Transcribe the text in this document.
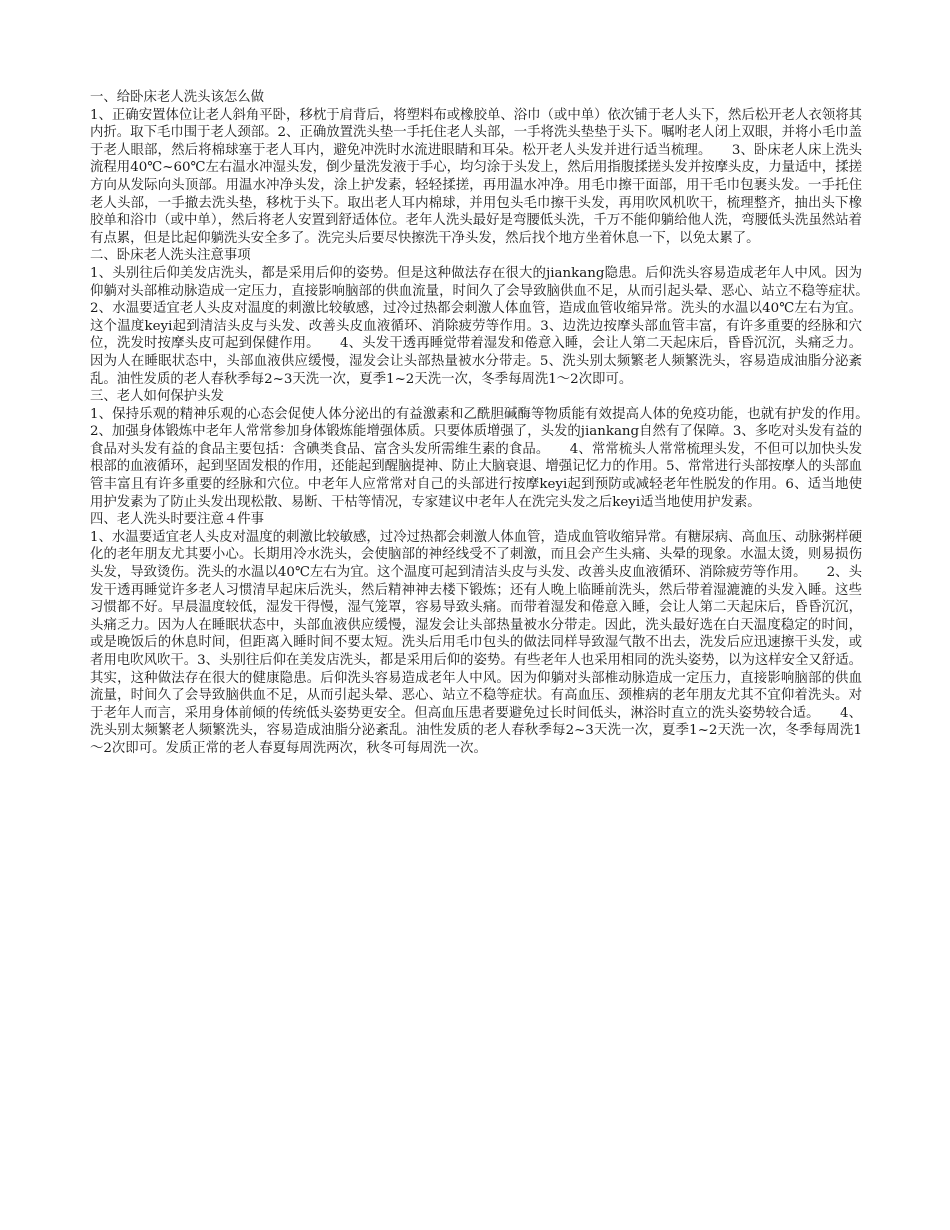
一、给卧床老人洗头该怎么做

1、正确安置体位让老人斜角平卧，移枕于肩背后，将塑料布或橡胶单、浴巾（或中单）依次铺于老人头下，然后松开老人衣领将其内折。取下毛巾围于老人颈部。2、正确放置洗头垫一手托住老人头部，一手将洗头垫垫于头下。嘱咐老人闭上双眼，并将小毛巾盖于老人眼部，然后将棉球塞于老人耳内，避免冲洗时水流进眼睛和耳朵。松开老人头发并进行适当梳理。　　3、卧床老人床上洗头流程用40℃~60℃左右温水冲湿头发，倒少量洗发液于手心，均匀涂于头发上，然后用指腹揉搓头发并按摩头皮，力量适中，揉搓方向从发际向头顶部。用温水冲净头发，涂上护发素，轻轻揉搓，再用温水冲净。用毛巾擦干面部，用干毛巾包裹头发。一手托住老人头部，一手撤去洗头垫，移枕于头下。取出老人耳内棉球，并用包头毛巾擦干头发，再用吹风机吹干，梳理整齐，抽出头下橡胶单和浴巾（或中单），然后将老人安置到舒适体位。老年人洗头最好是弯腰低头洗，千万不能仰躺给他人洗，弯腰低头洗虽然站着有点累，但是比起仰躺洗头安全多了。洗完头后要尽快擦洗干净头发，然后找个地方坐着休息一下，以免太累了。

二、卧床老人洗头注意事项

1、头别往后仰美发店洗头，都是采用后仰的姿势。但是这种做法存在很大的jiankang隐患。后仰洗头容易造成老年人中风。因为仰躺对头部椎动脉造成一定压力，直接影响脑部的供血流量，时间久了会导致脑供血不足，从而引起头晕、恶心、站立不稳等症状。　　2、水温要适宜老人头皮对温度的刺激比较敏感，过冷过热都会刺激人体血管，造成血管收缩异常。洗头的水温以40℃左右为宜。这个温度keyi起到清洁头皮与头发、改善头皮血液循环、消除疲劳等作用。3、边洗边按摩头部血管丰富，有许多重要的经脉和穴位，洗发时按摩头皮可起到保健作用。　　4、头发干透再睡觉带着湿发和倦意入睡，会让人第二天起床后，昏昏沉沉，头痛乏力。因为人在睡眠状态中，头部血液供应缓慢，湿发会让头部热量被水分带走。5、洗头别太频繁老人频繁洗头，容易造成油脂分泌紊乱。油性发质的老人春秋季每2~3天洗一次，夏季1~2天洗一次，冬季每周洗1～2次即可。

三、老人如何保护头发

1、保持乐观的精神乐观的心态会促使人体分泌出的有益激素和乙酰胆碱酶等物质能有效提高人体的免疫功能，也就有护发的作用。　　2、加强身体锻炼中老年人常常参加身体锻炼能增强体质。只要体质增强了，头发的jiankang自然有了保障。3、多吃对头发有益的食品对头发有益的食品主要包括：含碘类食品、富含头发所需维生素的食品。　　4、常常梳头人常常梳理头发，不但可以加快头发根部的血液循环，起到坚固发根的作用，还能起到醒脑提神、防止大脑衰退、增强记忆力的作用。5、常常进行头部按摩人的头部血管丰富且有许多重要的经脉和穴位。中老年人应常常对自己的头部进行按摩keyi起到预防或减轻老年性脱发的作用。6、适当地使用护发素为了防止头发出现松散、易断、干枯等情况，专家建议中老年人在洗完头发之后keyi适当地使用护发素。

四、老人洗头时要注意４件事

1、水温要适宜老人头皮对温度的刺激比较敏感，过冷过热都会刺激人体血管，造成血管收缩异常。有糖尿病、高血压、动脉粥样硬化的老年朋友尤其要小心。长期用冷水洗头，会使脑部的神经线受不了刺激，而且会产生头痛、头晕的现象。水温太烫，则易损伤头发，导致烫伤。洗头的水温以40℃左右为宜。这个温度可起到清洁头皮与头发、改善头皮血液循环、消除疲劳等作用。　　2、头发干透再睡觉许多老人习惯清早起床后洗头，然后精神神去楼下锻炼；还有人晚上临睡前洗头，然后带着湿漉漉的头发入睡。这些习惯都不好。早晨温度较低，湿发干得慢，湿气笼罩，容易导致头痛。而带着湿发和倦意入睡，会让人第二天起床后，昏昏沉沉，头痛乏力。因为人在睡眠状态中，头部血液供应缓慢，湿发会让头部热量被水分带走。因此，洗头最好选在白天温度稳定的时间，或是晚饭后的休息时间，但距离入睡时间不要太短。洗头后用毛巾包头的做法同样导致湿气散不出去，洗发后应迅速擦干头发，或者用电吹风吹干。3、头别往后仰在美发店洗头，都是采用后仰的姿势。有些老年人也采用相同的洗头姿势，以为这样安全又舒适。其实，这种做法存在很大的健康隐患。后仰洗头容易造成老年人中风。因为仰躺对头部椎动脉造成一定压力，直接影响脑部的供血流量，时间久了会导致脑供血不足，从而引起头晕、恶心、站立不稳等症状。有高血压、颈椎病的老年朋友尤其不宜仰着洗头。对于老年人而言，采用身体前倾的传统低头姿势更安全。但高血压患者要避免过长时间低头，淋浴时直立的洗头姿势较合适。　　4、洗头别太频繁老人频繁洗头，容易造成油脂分泌紊乱。油性发质的老人春秋季每2~3天洗一次，夏季1~2天洗一次，冬季每周洗1～2次即可。发质正常的老人春夏每周洗两次，秋冬可每周洗一次。
